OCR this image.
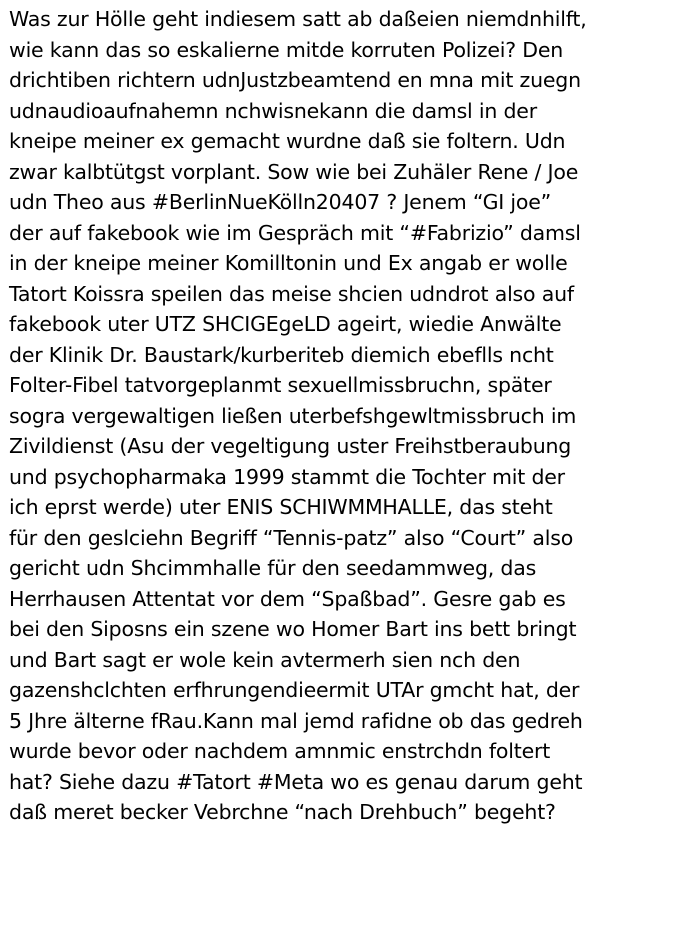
Was zur Hölle geht indiesem satt ab daßeien niemdnhilft,
wie kann das so eskalierne mitde korruten Polizei? Den
drichtiben richtern udnJustzbeamtend en mna mit zuegn
udnaudioaufnahemn nchwisnekann die damsl in der
kneipe meiner ex gemacht wurdne daß sie foltern. Udn
zwar kalbtütgst vorplant. Sow wie bei Zuhäler Rene / Joe
udn Theo aus #BerlinNueKölln20407 ? Jenem “GI joe”
der auf fakebook wie im Gespräch mit “#Fabrizio” damsl
in der kneipe meiner Komilltonin und Ex angab er wolle
Tatort Koissra speilen das meise shcien udndrot also auf
fakebook uter UTZ SHCIGEgeLD ageirt, wiedie Anwälte
der Klinik Dr. Baustark/kurberiteb diemich ebeflls ncht
Folter-Fibel tatvorgeplanmt sexuellmissbruchn, später
sogra vergewaltigen ließen uterbefshgewltmissbruch im
Zivildienst (Asu der vegeltigung uster Freihstberaubung
und psychopharmaka 1999 stammt die Tochter mit der
ich eprst werde) uter ENIS SCHIWMMHALLE, das steht
für den geslciehn Begriff “Tennis-patz” also “Court” also
gericht udn Shcimmhalle für den seedammweg, das
Herrhausen Attentat vor dem “Spaßbad”. Gesre gab es
bei den Siposns ein szene wo Homer Bart ins bett bringt
und Bart sagt er wole kein avtermerh sien nch den
gazenshclchten erfhrungendieermit UTAr gmcht hat, der
5 Jhre älterne fRau.Kann mal jemd rafidne ob das gedreh
wurde bevor oder nachdem amnmic enstrchdn foltert
hat? Siehe dazu #Tatort #Meta wo es genau darum geht
daß meret becker Vebrchne “nach Drehbuch” begeht?
